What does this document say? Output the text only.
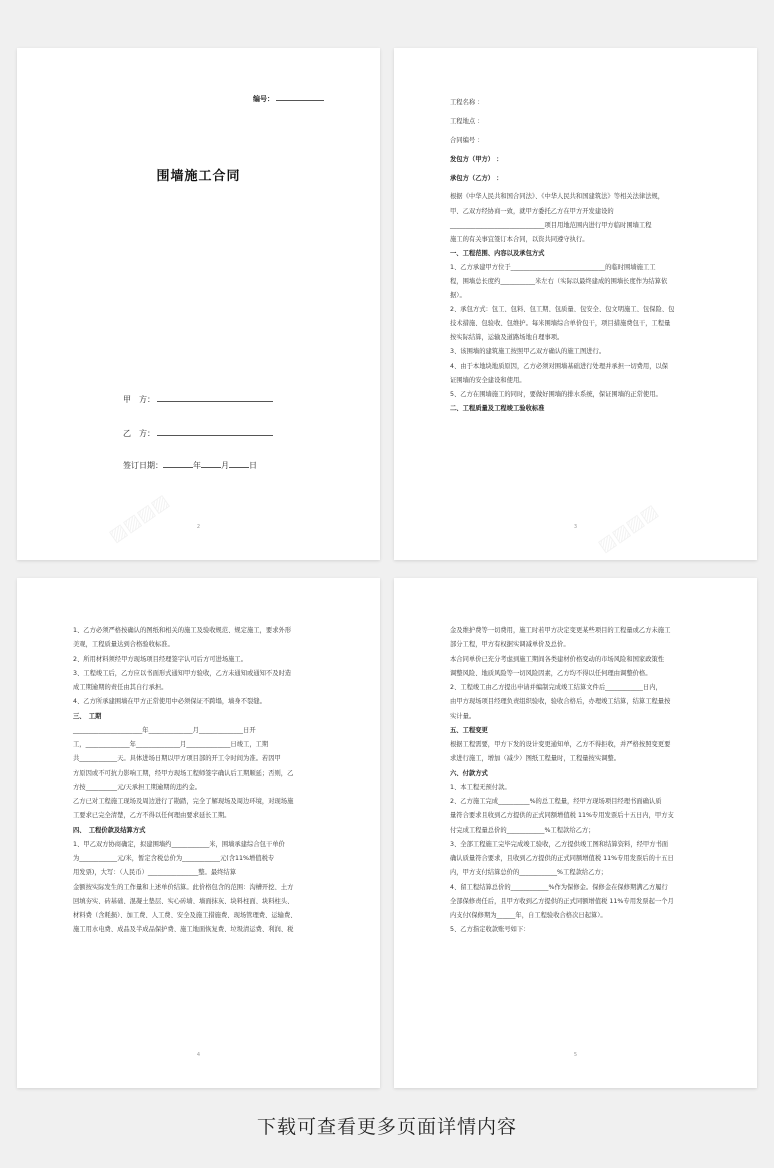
编号：
围墙施工合同
甲　方：
乙　方：
签订日期：	年	月	日
▨▨▨▨	2

工程名称 ：

工程地点 ：

合同编号 ：

发包方（甲方） ：

承包方（乙方） ：

根据《中华人民共和国合同法》、《中华人民共和国建筑法》等相关法律法规，

甲、乙双方经协商一致，就甲方委托乙方在甲方开发建设的

______________________________项目用地范围内进行甲方临时围墙工程

施工的有关事宜签订本合同，以资共同遵守执行。

一、工程范围、内容以及承包方式

1、乙方承建甲方位于______________________________的临时围墙施工工

程，围墙总长度约___________米左右（实际以最终建成的围墙长度作为结算依

据）。

2、承包方式：包工、包料、包工期、包质量、包安全、包文明施工、包保险、包

技术措施、包验收、包维护。每米围墙综合单价包干，项目措施费包干，工程量

按实际结算，运输及道路场地自理事项。

3、该围墙的建筑施工按照甲乙双方确认的施工图进行。

4、由于本地块地质原因，乙方必须对围墙基础进行处理并承担一切费用，以保

证围墙的安全建设和使用。

5、乙方在围墙施工的同时，要做好围墙的排水系统，保证围墙的正常使用。

二、工程质量及工程竣工验收标准

▨▨▨▨
3

1、乙方必须严格按确认的图纸和相关的施工及验收规范、规定施工，要求外形

美观，工程质量达到合格验收标准。

2、所用材料须经甲方现场项目经理签字认可后方可进场施工。

3、工程竣工后，乙方应以书面形式通知甲方验收，乙方未通知或通知不及时造

成工期逾期的责任由其自行承担。

4、乙方所承建围墙在甲方正常使用中必须保证不跨塌，墙身不裂缝。

三、　工期

______________________年______________月______________日开

工，______________年______________月______________日竣工，工期

共____________天。具体进场日期以甲方项目部的开工令时间为准。若因甲

方原因或不可抗力影响工期，经甲方现场工程师签字确认后工期顺延；否则，乙

方按__________元/天承担工期逾期的违约金。

乙方已对工程施工现场及周边进行了勘踏，完全了解现场及周边环境，对现场施

工要求已完全清楚，乙方不得以任何理由要求延长工期。

四、　工程价款及结算方式

1、甲乙双方协商确定，拟建围墙约____________米，围墙承建综合包干单价

为____________元/米，暂定含税总价为____________元(含11%增值税专

用发票)，大写：（人民币）________________整。最终结算

金额按实际发生的工作量和上述单价结算。此价格包含的范围：沟槽开挖、土方

回填夯实、砖基础、混凝土垫层、实心砖墙、墙面抹灰、块料柱面、块料柱头、

材料费（含耗损）、加工费、人工费、安全及施工措施费、现场管理费、运输费、

施工用水电费、成品及半成品保护费、施工地面恢复费、垃圾清运费、利润、税

4

金及维护费等一切费用，施工时若甲方决定变更某些项目的工程量或乙方未施工

部分工程，甲方有权据实调减单价及总价。

本合同单价已充分考虑到施工期间各类建材价格变动的市场风险和国家政策性

调整风险、地质风险等一切风险因素，乙方均不得以任何理由调整价格。

2、工程竣工由乙方提出申请并编制完成竣工结算文件后____________日内，

由甲方现场项目经理负责组织验收，验收合格后，办理竣工结算，结算工程量按

实计量。

五、工程变更

根据工程需要，甲方下发的设计变更通知单，乙方不得拒收，并严格按照变更要

求进行施工，增加（减少）图纸工程量时，工程量按实调整。

六、付款方式

1、本工程无预付款。

2、乙方施工完成__________%的总工程量，经甲方现场项目经理书面确认质

量符合要求且收到乙方提供的正式同额增值税 11%专用发票后十五日内，甲方支

付完成工程量总价的____________%工程款给乙方；

3、全部工程施工完毕完成竣工验收，乙方提供竣工图和结算资料，经甲方书面

确认质量符合要求，且收到乙方提供的正式同额增值税 11%专用发票后的十五日

内，甲方支付结算总价的____________%工程款给乙方；

4、留工程结算总价的____________%作为保修金。保修金在保修期满乙方履行

全部保修责任后，且甲方收到乙方提供的正式同额增值税 11%专用发票起一个月

内支付(保修期为______年，自工程验收合格次日起算）。

5、乙方指定收款账号如下：

5
下载可查看更多页面详情内容
